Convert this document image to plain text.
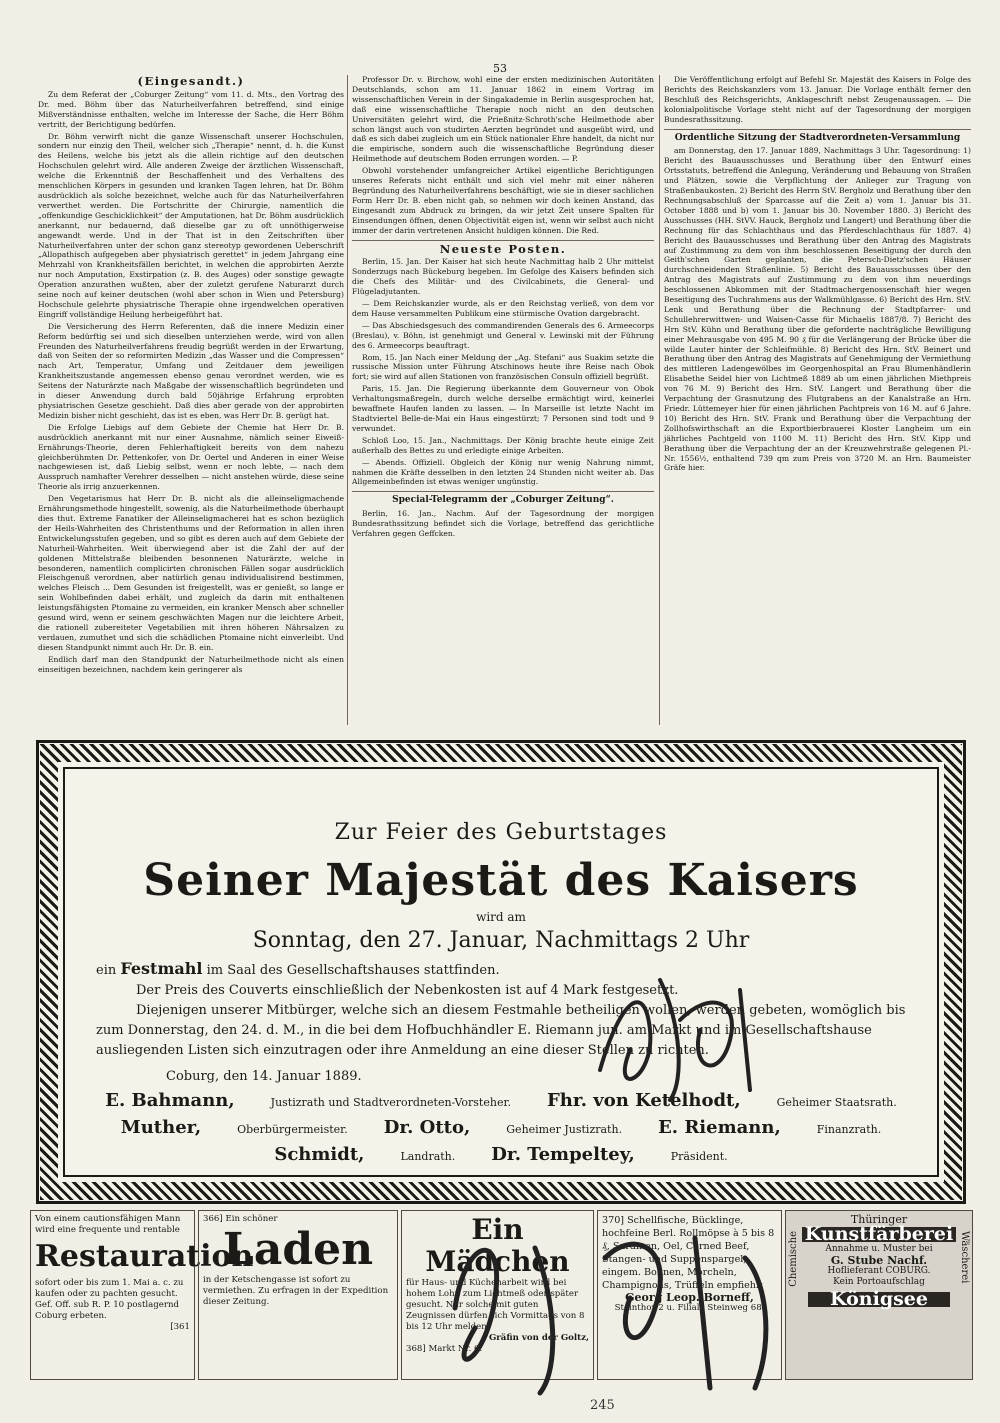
53
(Eingesandt.)

Zu dem Referat der „Coburger Zeitung“ vom 11. d. Mts., den Vortrag des Dr. med. Böhm über das Naturheilverfahren betreffend, sind einige Mißverständnisse enthalten, welche im Interesse der Sache, die Herr Böhm vertritt, der Berichtigung bedürfen.

Dr. Böhm verwirft nicht die ganze Wissenschaft unserer Hochschulen, sondern nur einzig den Theil, welcher sich „Therapie“ nennt, d. h. die Kunst des Heilens, welche bis jetzt als die allein richtige auf den deutschen Hochschulen gelehrt wird. Alle anderen Zweige der ärztlichen Wissenschaft, welche die Erkenntniß der Beschaffenheit und des Verhaltens des menschlichen Körpers in gesunden und kranken Tagen lehren, hat Dr. Böhm ausdrücklich als solche bezeichnet, welche auch für das Naturheilverfahren verwerthet werden. Die Fortschritte der Chirurgie, namentlich die „offenkundige Geschicklichkeit“ der Amputationen, hat Dr. Böhm ausdrücklich anerkannt, nur bedauernd, daß dieselbe gar zu oft unnöthigerweise angewandt werde. Und in der That ist in den Zeitschriften über Naturheilverfahren unter der schon ganz stereotyp gewordenen Ueberschrift „Allopathisch aufgegeben aber physiatrisch gerettet“ in jedem Jahrgang eine Mehrzahl von Krankheitsfällen berichtet, in welchen die approbirten Aerzte nur noch Amputation, Exstirpation (z. B. des Auges) oder sonstige gewagte Operation anzurathen wußten, aber der zuletzt gerufene Naturarzt durch seine noch auf keiner deutschen (wohl aber schon in Wien und Petersburg) Hochschule gelehrte physiatrische Therapie ohne irgendwelchen operativen Eingriff vollständige Heilung herbeigeführt hat.

Die Versicherung des Herrn Referenten, daß die innere Medizin einer Reform bedürftig sei und sich dieselben unterziehen werde, wird von allen Freunden des Naturheilverfahrens freudig begrüßt werden in der Erwartung, daß von Seiten der so reformirten Medizin „das Wasser und die Compressen“ nach Art, Temperatur, Umfang und Zeitdauer dem jeweiligen Krankheitszustande angemessen ebenso genau verordnet werden, wie es Seitens der Naturärzte nach Maßgabe der wissenschaftlich begründeten und in dieser Anwendung durch bald 50jährige Erfahrung erprobten physiatrischen Gesetze geschieht. Daß dies aber gerade von der approbirten Medizin bisher nicht geschieht, das ist es eben, was Herr Dr. B. gerügt hat.

Die Erfolge Liebigs auf dem Gebiete der Chemie hat Herr Dr. B. ausdrücklich anerkannt mit nur einer Ausnahme, nämlich seiner Eiweiß-Ernährungs-Theorie, deren Fehlerhaftigkeit bereits von dem nahezu gleichberühmten Dr. Pettenkofer, von Dr. Oertel und Anderen in einer Weise nachgewiesen ist, daß Liebig selbst, wenn er noch lebte, — nach dem Ausspruch namhafter Verehrer desselben — nicht anstehen würde, diese seine Theorie als irrig anzuerkennen.

Den Vegetarismus hat Herr Dr. B. nicht als die alleinseligmachende Ernährungsmethode hingestellt, sowenig, als die Naturheilmethode überhaupt dies thut. Extreme Fanatiker der Alleinseligmacherei hat es schon bezüglich der Heils-Wahrheiten des Christenthums und der Reformation in allen ihren Entwickelungsstufen gegeben, und so gibt es deren auch auf dem Gebiete der Naturheil-Wahrheiten. Weit überwiegend aber ist die Zahl der auf der goldenen Mittelstraße bleibenden besonnenen Naturärzte, welche in besonderen, namentlich complicirten chronischen Fällen sogar ausdrücklich Fleischgenuß verordnen, aber natürlich genau individualisirend bestimmen, welches Fleisch ... Dem Gesunden ist freigestellt, was er genießt, so lange er sein Wohlbefinden dabei erhält, und zugleich da darin mit enthaltenen leistungsfähigsten Ptomaine zu vermeiden, ein kranker Mensch aber schneller gesund wird, wenn er seinem geschwächten Magen nur die leichtere Arbeit, die rationell zubereiteter Vegetabilien mit ihren höheren Nährsalzen zu verdauen, zumuthet und sich die schädlichen Ptomaine nicht einverleibt. Und diesen Standpunkt nimmt auch Hr. Dr. B. ein.

Endlich darf man den Standpunkt der Naturheilmethode nicht als einen einseitigen bezeichnen, nachdem kein geringerer als

Professor Dr. v. Birchow, wohl eine der ersten medizinischen Autoritäten Deutschlands, schon am 11. Januar 1862 in einem Vortrag im wissenschaftlichen Verein in der Singakademie in Berlin ausgesprochen hat, daß eine wissenschaftliche Therapie noch nicht an den deutschen Universitäten gelehrt wird, die Prießnitz-Schroth'sche Heilmethode aber schon längst auch von studirten Aerzten begründet und ausgeübt wird, und daß es sich dabei zugleich um ein Stück nationaler Ehre handelt, da nicht nur die empirische, sondern auch die wissenschaftliche Begründung dieser Heilmethode auf deutschem Boden errungen worden. — P.

Obwohl vorstehender umfangreicher Artikel eigentliche Berichtigungen unseres Referats nicht enthält und sich viel mehr mit einer näheren Begründung des Naturheilverfahrens beschäftigt, wie sie in dieser sachlichen Form Herr Dr. B. eben nicht gab, so nehmen wir doch keinen Anstand, das Eingesandt zum Abdruck zu bringen, da wir jetzt Zeit unsere Spalten für Einsendungen öffnen, denen Objectivität eigen ist, wenn wir selbst auch nicht immer der darin vertretenen Ansicht huldigen können. Die Red.

Neueste Posten.

Berlin, 15. Jan. Der Kaiser hat sich heute Nachmittag halb 2 Uhr mittelst Sonderzugs nach Bückeburg begeben. Im Gefolge des Kaisers befinden sich die Chefs des Militär- und des Civilcabinets, die General- und Flügeladjutanten.

— Dem Reichskanzler wurde, als er den Reichstag verließ, von dem vor dem Hause versammelten Publikum eine stürmische Ovation dargebracht.

— Das Abschiedsgesuch des commandirenden Generals des 6. Armeecorps (Breslau), v. Böhn, ist genehmigt und General v. Lewinski mit der Führung des 6. Armeecorps beauftragt.

Rom, 15. Jan Nach einer Meldung der „Ag. Stefani“ aus Suakim setzte die russische Mission unter Führung Atschinows heute ihre Reise nach Obok fort; sie wird auf allen Stationen von französischen Consuln offiziell begrüßt.

Paris, 15. Jan. Die Regierung überkannte dem Gouverneur von Obok Verhaltungsmaßregeln, durch welche derselbe ermächtigt wird, keinerlei bewaffnete Haufen landen zu lassen. — In Marseille ist letzte Nacht im Stadtviertel Belle-de-Mai ein Haus eingestürzt; 7 Personen sind todt und 9 verwundet.

Schloß Loo, 15. Jan., Nachmittags. Der König brachte heute einige Zeit außerhalb des Bettes zu und erledigte einige Arbeiten.

— Abends. Offiziell. Obgleich der König nur wenig Nahrung nimmt, nahmen die Kräfte desselben in den letzten 24 Stunden nicht weiter ab. Das Allgemeinbefinden ist etwas weniger ungünstig.

Special-Telegramm der „Coburger Zeitung“.

Berlin, 16. Jan., Nachm. Auf der Tagesordnung der morgigen Bundesrathssitzung befindet sich die Vorlage, betreffend das gerichtliche Verfahren gegen Geffcken.

Die Veröffentlichung erfolgt auf Befehl Sr. Majestät des Kaisers in Folge des Berichts des Reichskanzlers vom 13. Januar. Die Vorlage enthält ferner den Beschluß des Reichsgerichts, Anklageschrift nebst Zeugenaussagen. — Die kolonialpolitische Vorlage steht nicht auf der Tagesordnung der morgigen Bundesrathssitzung.

Ordentliche Sitzung der Stadtverordneten-Versammlung

am Donnerstag, den 17. Januar 1889, Nachmittags 3 Uhr. Tagesordnung: 1) Bericht des Bauausschusses und Berathung über den Entwurf eines Ortsstatuts, betreffend die Anlegung, Veränderung und Bebauung von Straßen und Plätzen, sowie die Verpflichtung der Anlieger zur Tragung von Straßenbaukosten. 2) Bericht des Herrn StV. Bergholz und Berathung über den Rechnungsabschluß der Sparcasse auf die Zeit a) vom 1. Januar bis 31. October 1888 und b) vom 1. Januar bis 30. November 1880. 3) Bericht des Ausschusses (HH. StVV. Hauck, Bergholz und Langert) und Berathung über die Rechnung für das Schlachthaus und das Pferdeschlachthaus für 1887. 4) Bericht des Bauausschusses und Berathung über den Antrag des Magistrats auf Zustimmung zu dem von ihm beschlossenen Beseitigung der durch den Geith'schen Garten geplanten, die Petersch-Dietz'schen Häuser durchschneidenden Straßenlinie. 5) Bericht des Bauausschusses über den Antrag des Magistrats auf Zustimmung zu dem von ihm neuerdings beschlossenen Abkommen mit der Stadtmachergenossenschaft hier wegen Beseitigung des Tuchrahmens aus der Walkmühlgasse. 6) Bericht des Hrn. StV. Lenk und Berathung über die Rechnung der Stadtpfarrer- und Schullehrerwittwen- und Waisen-Casse für Michaelis 1887/8. 7) Bericht des Hrn StV. Kühn und Berathung über die geforderte nachträgliche Bewilligung einer Mehrausgabe von 495 M. 90 ₰ für die Verlängerung der Brücke über die wilde Lauter hinter der Schleifmühle. 8) Bericht des Hrn. StV. Beinert und Berathung über den Antrag des Magistrats auf Genehmigung der Vermiethung des mittleren Ladengewölbes im Georgenhospital an Frau Blumenhändlerin Elisabethe Seidel hier von Lichtmeß 1889 ab um einen jährlichen Miethpreis von 76 M. 9) Bericht des Hrn. StV. Langert und Berathung über die Verpachtung der Grasnutzung des Flutgrabens an der Kanalstraße an Hrn. Friedr. Lüttemeyer hier für einen jährlichen Pachtpreis von 16 M. auf 6 Jahre. 10) Bericht des Hrn. StV. Frank und Berathung über die Verpachtung der Zollhofswirthschaft an die Exportbierbrauerei Kloster Langheim um ein jährliches Pachtgeld von 1100 M. 11) Bericht des Hrn. StV. Kipp und Berathung über die Verpachtung der an der Kreuzwehrstraße gelegenen Pl.-Nr. 1556½, enthaltend 739 qm zum Preis von 3720 M. an Hrn. Baumeister Gräfe hier.

Zur Feier des Geburtstages
Seiner Majestät des Kaisers
wird am
Sonntag, den 27. Januar, Nachmittags 2 Uhr
ein Festmahl im Saal des Gesellschaftshauses stattfinden.
Der Preis des Couverts einschließlich der Nebenkosten ist auf 4 Mark festgesetzt.
Diejenigen unserer Mitbürger, welche sich an diesem Festmahle betheiligen wollen, werden gebeten, womöglich bis zum Donnerstag, den 24. d. M., in die bei dem Hofbuchhändler E. Riemann jun. am Markt und im Gesellschaftshause ausliegenden Listen sich einzutragen oder ihre Anmeldung an eine dieser Stellen zu richten.
Coburg, den 14. Januar 1889.
E. Bahmann,	Justizrath und Stadtverordneten-Vorsteher. Fhr. von Ketelhodt,	Geheimer Staatsrath.
Muther,	Oberbürgermeister. Dr. Otto,	Geheimer Justizrath. E. Riemann,	Finanzrath.
Schmidt,	Landrath. Dr. Tempeltey,	Präsident.
Von einem cautionsfähigen Mann wird eine frequente und rentable
Restauration
sofort oder bis zum 1. Mai a. c. zu kaufen oder zu pachten gesucht. Gef. Off. sub R. P. 10 postlagernd Coburg erbeten.
[361
366] Ein schöner
Laden
in der Ketschengasse ist sofort zu vermiethen. Zu erfragen in der Expedition dieser Zeitung.
Ein Mädchen
für Haus- und Küchenarbeit wird bei hohem Lohn zum Lichtmeß oder später gesucht. Nur solche mit guten Zeugnissen dürfen sich Vormittags von 8 bis 12 Uhr melden.
Gräfin von der Goltz,
368] Markt Nr. 6.
370] Schellfische, Bücklinge, hochfeine Berl. Rollmöpse à 5 bis 8 ₰, Sardinen, Oel, Corned Beef, Stangen- und Suppenspargel, eingem. Bohnen, Morcheln, Champignons, Trüffeln empfiehlt
Georg Leop. Borneff,
Steinthor 2 u. Filiale Steinweg 68.
Chemische	Wäscherei
Thüringer
Kunstfärberei
Annahme u. Muster bei
G. Stube Nachf.
Hoflieferant COBURG.
Kein Portoaufschlag
Königsee
245
